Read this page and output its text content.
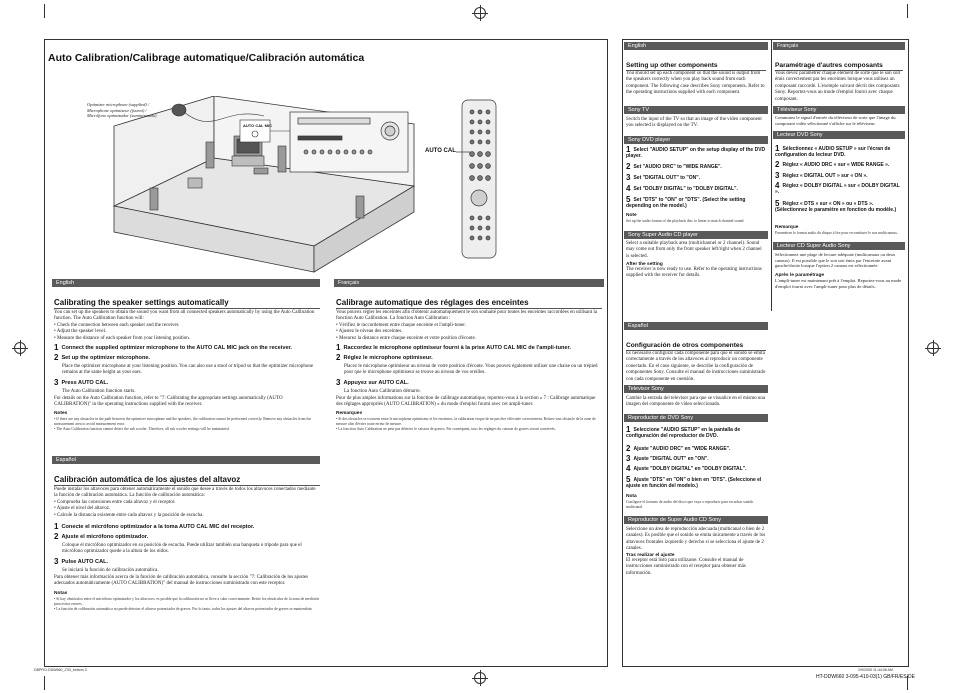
Auto Calibration/Calibrage automatique/Calibración automática
Optimizer microphone (supplied) /
Microphone optimiseur (fourni) /
Micrófono optimizador (suministrado)
AUTO CAL MIC
AUTO CAL
English
Calibrating the speaker settings automatically

You can set up the speakers to obtain the sound you want from all connected speakers automatically by using the Auto Calibration function. The Auto Calibration function will:

• Check the connection between each speaker and the receiver.
• Adjust the speaker level.
• Measure the distance of each speaker from your listening position.
1 Connect the supplied optimizer microphone to the AUTO CAL MIC jack on the receiver.
2 Set up the optimizer microphone.
Place the optimizer microphone at your listening position. You can also use a stool or tripod so that the optimizer microphone remains at the same height as your ears.
3 Press AUTO CAL.
The Auto Calibration function starts.
For details on the Auto Calibration function, refer to "7: Calibrating the appropriate settings automatically (AUTO CALIBRATION)" in the operating instructions supplied with the receiver.
Notes
• If there are any obstacles in the path between the optimizer microphone and the speakers, the calibration cannot be performed correctly. Remove any obstacles from the measurement area to avoid measurement error.
• The Auto Calibration function cannot detect the sub woofer. Therefore, all sub woofer settings will be maintained.
Français
Calibrage automatique des réglages des enceintes

Vous pouvez régler les enceintes afin d'obtenir automatiquement le son souhaité pour toutes les enceintes raccordées en utilisant la fonction Auto Calibration. La fonction Auto Calibration :

• Vérifiez le raccordement entre chaque enceinte et l'ampli-tuner.
• Ajustez le niveau des enceintes.
• Mesurez la distance entre chaque enceinte et votre position d'écoute.
1 Raccordez le microphone optimiseur fourni à la prise AUTO CAL MIC de l'ampli-tuner.
2 Réglez le microphone optimiseur.
Placez le microphone optimiseur au niveau de votre position d'écoute. Vous pouvez également utiliser une chaise ou un trépied pour que le microphone optimiseur se trouve au niveau de vos oreilles.
3 Appuyez sur AUTO CAL.
La fonction Auto Calibration démarre.
Pour de plus amples informations sur la fonction de calibrage automatique, reportez-vous à la section « 7 : Calibrage automatique des réglages appropriés (AUTO CALIBRATION) » du mode d'emploi fourni avec cet ampli-tuner.
Remarques
• Si des obstacles se trouvent entre le microphone optimiseur et les enceintes, la calibration risque de ne pas être effectuée correctement. Retirez tout obstacle de la zone de mesure afin d'éviter toute erreur de mesure.
• La fonction Auto Calibration ne peut pas détecter le caisson de graves. Par conséquent, tous les réglages du caisson de graves seront conservés.
Español
Calibración automática de los ajustes del altavoz

Puede instalar los altavoces para obtener automáticamente el sonido que desee a través de todos los altavoces conectados mediante la función de calibración automática. La función de calibración automática:

• Comprueba las conexiones entre cada altavoz y el receptor.
• Ajuste el nivel del altavoz.
• Calcule la distancia existente entre cada altavoz y la posición de escucha.
1 Conecte el micrófono optimizador a la toma AUTO CAL MIC del receptor.
2 Ajuste el micrófono optimizador.
Coloque el micrófono optimizador en su posición de escucha. Puede utilizar también una banqueta o trípode para que el micrófono optimizador quede a la altura de los oídos.
3 Pulse AUTO CAL.
Se iniciará la función de calibración automática.
Para obtener más información acerca de la función de calibración automática, consulte la sección "7: Calibración de los ajustes adecuados automáticamente (AUTO CALIBRATION)" del manual de instrucciones suministrado con este receptor.
Notas
• Si hay obstáculos entre el micrófono optimizador y los altavoces, es posible que la calibración no se lleve a cabo correctamente. Retire los obstáculos de la zona de medición para evitar errores.
• La función de calibración automática no puede detectar el altavoz potenciador de graves. Por lo tanto, todos los ajustes del altavoz potenciador de graves se mantendrán.
English
Setting up other components

You should set up each component so that the sound is output from the speakers correctly when you play back sound from each component. The following case describes Sony components. Refer to the operating instructions supplied with each component.

Sony TV
Switch the input of the TV so that an image of the video component you selected is displayed on the TV.
Sony DVD player
1 Select "AUDIO SETUP" on the setup display of the DVD player.
2 Set "AUDIO DRC" to "WIDE RANGE".
3 Set "DIGITAL OUT" to "ON".
4 Set "DOLBY DIGITAL" to "DOLBY DIGITAL".
5 Set "DTS" to "ON" or "DTS". (Select the setting depending on the model.)
Note
Set up the audio format of the playback disc to linear to match channel sound.
Sony Super Audio CD player
Select a suitable playback area (multichannel or 2 channel). Sound may come out from only the front speaker left/right when 2 channel is selected.
After the setting
The receiver is now ready to use. Refer to the operating instructions supplied with the receiver for details.
Français
Paramétrage d'autres composants

Vous devez paramétrer chaque élément de sorte que le son soit émis correctement par les enceintes lorsque vous utilisez un composant raccordé. L'exemple suivant décrit des composants Sony. Reportez-vous au mode d'emploi fourni avec chaque composant.

Téléviseur Sony
Commutez le signal d'entrée du téléviseur de sorte que l'image du composant vidéo sélectionné s'affiche sur le téléviseur.
Lecteur DVD Sony
1 Sélectionnez « AUDIO SETUP » sur l'écran de configuration du lecteur DVD.
2 Réglez « AUDIO DRC » sur « WIDE RANGE ».
3 Réglez « DIGITAL OUT » sur « ON ».
4 Réglez « DOLBY DIGITAL » sur « DOLBY DIGITAL ».
5 Réglez « DTS » sur « ON » ou « DTS ». (Sélectionnez le paramètre en fonction du modèle.)
Remarque
Paramétrez le format audio du disque à lire pour reconstituer le son multicanaux.
Lecteur CD Super Audio Sony
Sélectionnez une plage de lecture adéquate (multicanaux ou deux canaux). Il est possible que le son soit émis par l'enceinte avant gauche/droite lorsque l'option 2 canaux est sélectionnée.
Après le paramétrage
L'ampli-tuner est maintenant prêt à l'emploi. Reportez-vous au mode d'emploi fourni avec l'ampli-tuner pour plus de détails.
Español
Configuración de otros componentes

Es necesario configurar cada componente para que el sonido se emita correctamente a través de los altavoces al reproducir un componente conectado. En el caso siguiente, se describe la configuración de componentes Sony. Consulte el manual de instrucciones suministrado con cada componente en cuestión.

Televisor Sony
Cambie la entrada del televisor para que se visualice en el mismo una imagen del componente de vídeo seleccionado.
Reproductor de DVD Sony
1 Seleccione "AUDIO SETUP" en la pantalla de configuración del reproductor de DVD.
2 Ajuste "AUDIO DRC" en "WIDE RANGE".
3 Ajuste "DIGITAL OUT" en "ON".
4 Ajuste "DOLBY DIGITAL" en "DOLBY DIGITAL".
5 Ajuste "DTS" en "ON" o bien en "DTS". (Seleccione el ajuste en función del modelo.)
Nota
Configure el formato de audio del disco que vaya a reproducir para escuchar sonido multicanal.
Reproductor de Super Audio CD Sony
Seleccione un área de reproducción adecuada (multicanal o bien de 2 canales). Es posible que el sonido se emita únicamente a través de los altavoces frontales izquierdo y derecho si se selecciona el ajuste de 2 canales.
Tras realizar el ajuste
El receptor está listo para utilizarse. Consulte el manual de instrucciones suministrado con el receptor para obtener más información.
DBPRO-DDW660_Z30_bottom 3	2/9/2005 11:44:08 AM
HT-DDW660 3-095-410-03(1) GB/FR/ES/DE
